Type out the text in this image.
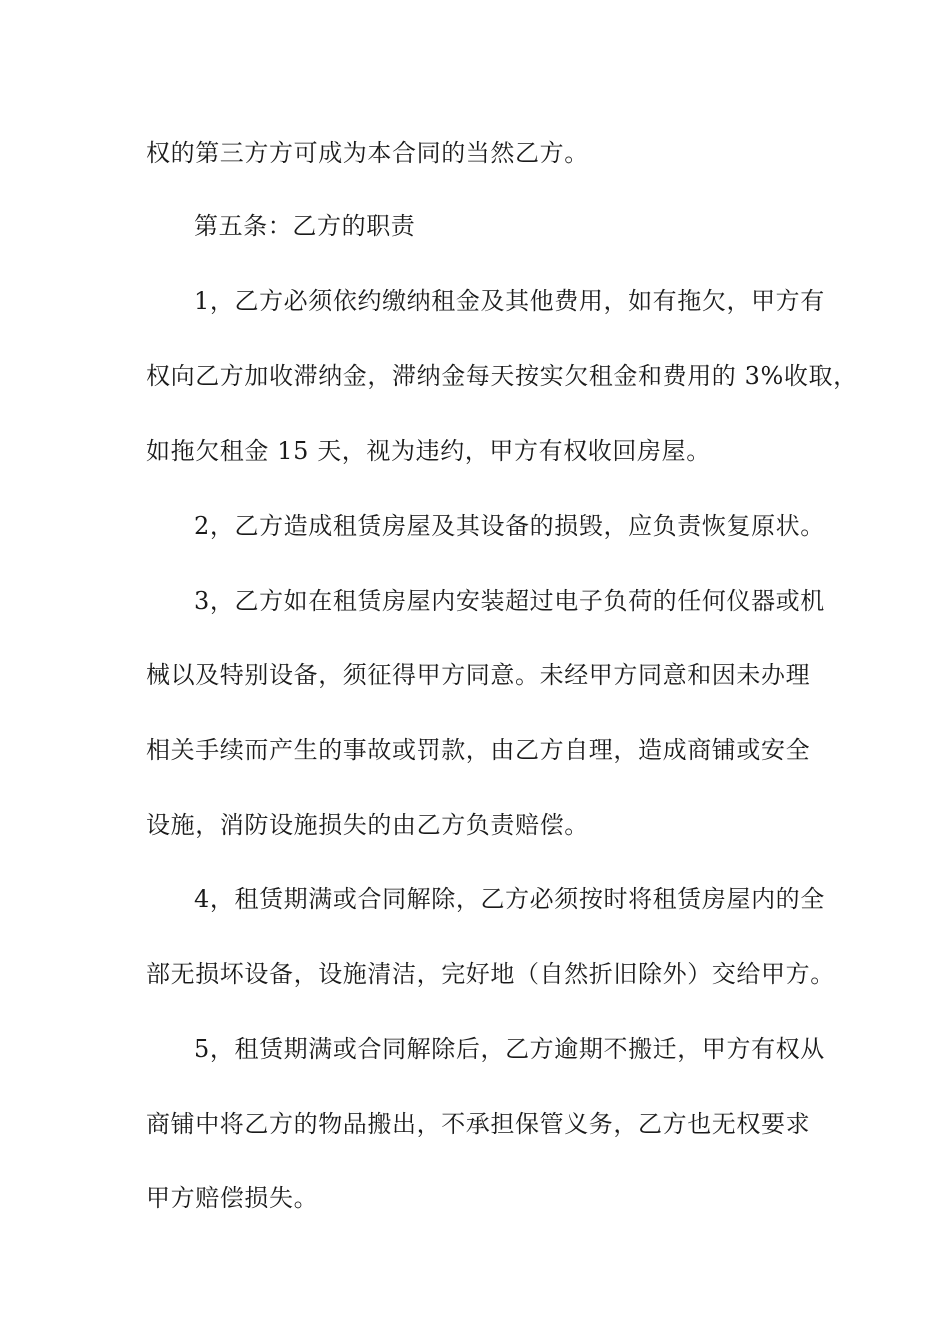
权的第三方方可成为本合同的当然乙方。
第五条：乙方的职责
1，乙方必须依约缴纳租金及其他费用，如有拖欠，甲方有
权向乙方加收滞纳金，滞纳金每天按实欠租金和费用的 3%收取，
如拖欠租金 15 天，视为违约，甲方有权收回房屋。
2，乙方造成租赁房屋及其设备的损毁，应负责恢复原状。
3，乙方如在租赁房屋内安装超过电子负荷的任何仪器或机
械以及特别设备，须征得甲方同意。未经甲方同意和因未办理
相关手续而产生的事故或罚款，由乙方自理，造成商铺或安全
设施，消防设施损失的由乙方负责赔偿。
4，租赁期满或合同解除，乙方必须按时将租赁房屋内的全
部无损坏设备，设施清洁，完好地（自然折旧除外）交给甲方。
5，租赁期满或合同解除后，乙方逾期不搬迁，甲方有权从
商铺中将乙方的物品搬出，不承担保管义务，乙方也无权要求
甲方赔偿损失。
